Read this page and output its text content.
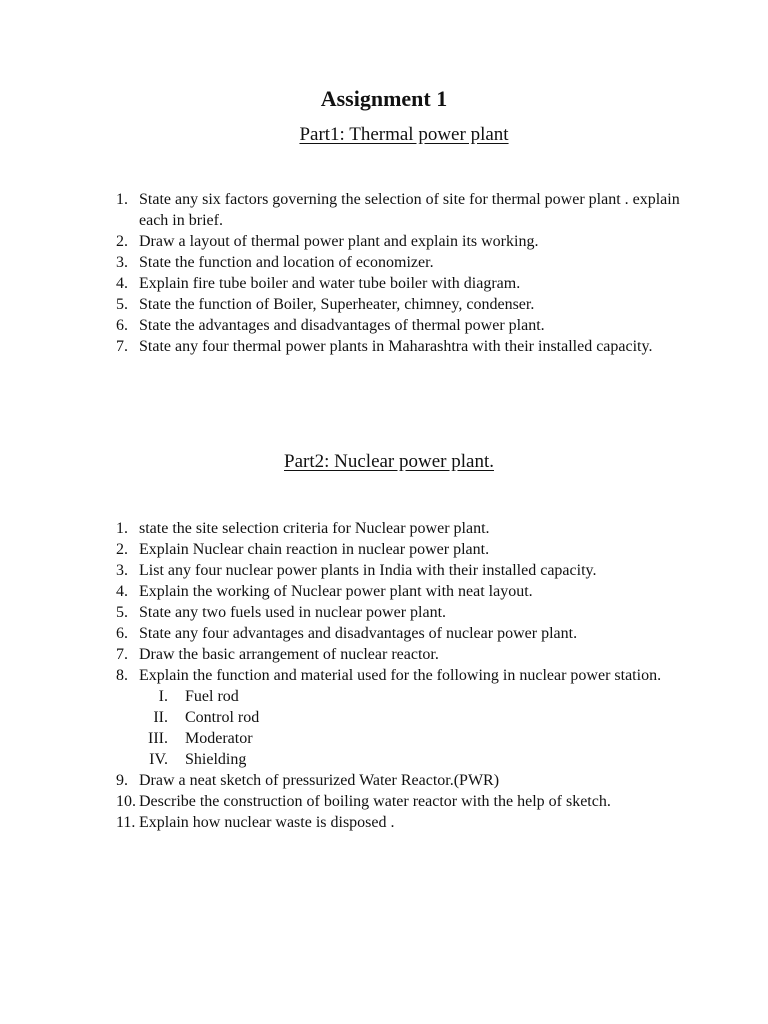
Assignment 1
Part1: Thermal power plant
1. State any six factors governing the selection of site for thermal power plant . explain each in brief.
2. Draw a layout of thermal power plant and explain its working.
3. State the function and location of economizer.
4. Explain fire tube boiler and water tube boiler with diagram.
5. State the function of Boiler, Superheater, chimney, condenser.
6. State the advantages and disadvantages of thermal power plant.
7. State any four thermal power plants in Maharashtra with their installed capacity.
Part2: Nuclear power plant.
1. state the site selection criteria for Nuclear power plant.
2. Explain Nuclear chain reaction in nuclear power plant.
3. List any four nuclear power plants in India with their installed capacity.
4. Explain the working of Nuclear power plant with neat layout.
5. State any two fuels used in nuclear power plant.
6. State any four advantages and disadvantages of nuclear power plant.
7. Draw the basic arrangement of nuclear reactor.
8. Explain the function and material used for the following in nuclear power station.
I. Fuel rod
II. Control rod
III. Moderator
IV. Shielding
9. Draw a neat sketch of pressurized Water Reactor.(PWR)
10. Describe the construction of boiling water reactor with the help of sketch.
11. Explain how nuclear waste is disposed .
